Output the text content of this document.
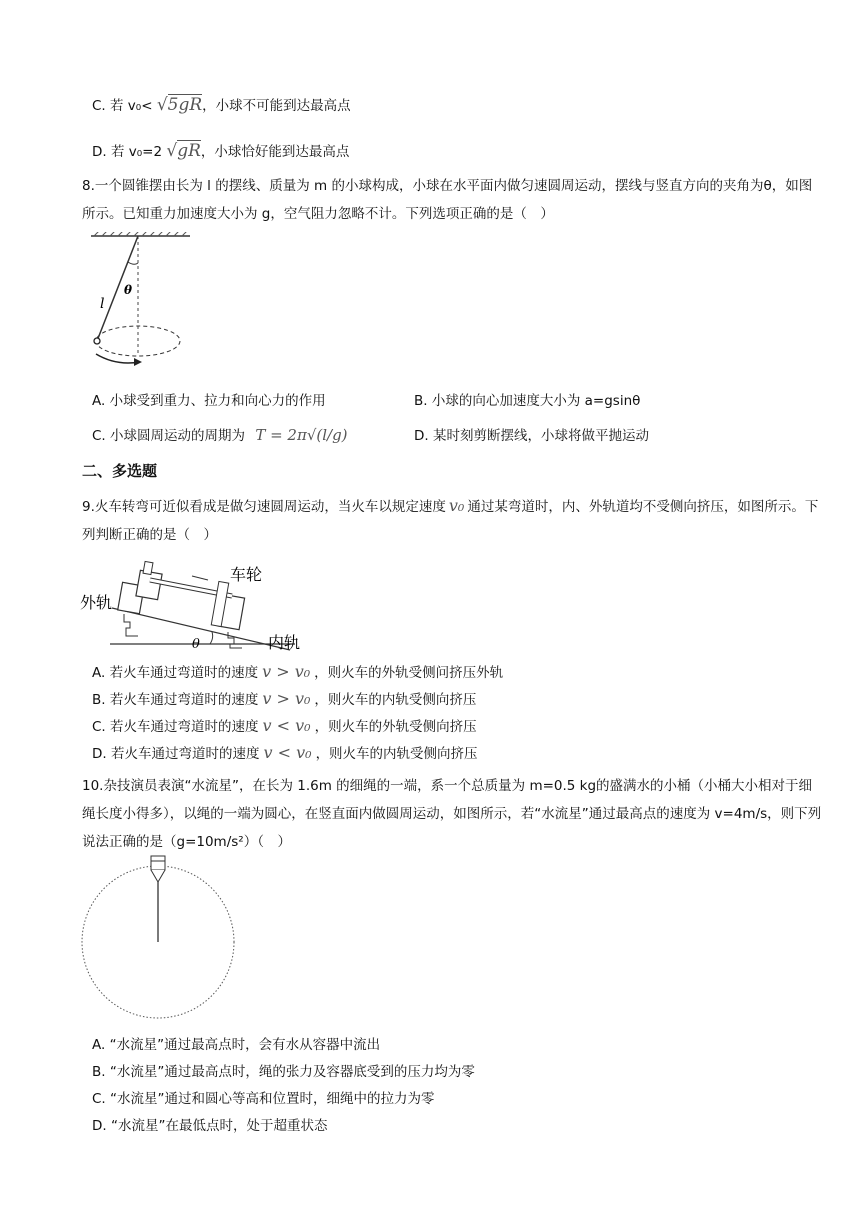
C. 若 v₀< √5gR，小球不可能到达最高点
D. 若 v₀=2 √gR，小球恰好能到达最高点
8.一个圆锥摆由长为 l 的摆线、质量为 m 的小球构成，小球在水平面内做匀速圆周运动，摆线与竖直方向的夹角为θ，如图所示。已知重力加速度大小为 g，空气阻力忽略不计。下列选项正确的是（　）
l
θ
A. 小球受到重力、拉力和向心力的作用	B. 小球的向心加速度大小为 a=gsinθ
C. 小球圆周运动的周期为 T = 2π√(l/g)	D. 某时刻剪断摆线，小球将做平抛运动
二、多选题
9.火车转弯可近似看成是做匀速圆周运动，当火车以规定速度 v₀ 通过某弯道时，内、外轨道均不受侧向挤压，如图所示。下列判断正确的是（　）
外轨
车轮
内轨
θ
A. 若火车通过弯道时的速度 v > v₀ ，则火车的外轨受侧问挤压外轨
B. 若火车通过弯道时的速度 v > v₀ ，则火车的内轨受侧向挤压
C. 若火车通过弯道时的速度 v < v₀ ，则火车的外轨受侧向挤压
D. 若火车通过弯道时的速度 v < v₀ ，则火车的内轨受侧向挤压
10.杂技演员表演“水流星”，在长为 1.6m 的细绳的一端，系一个总质量为 m=0.5 kg的盛满水的小桶（小桶大小相对于细绳长度小得多），以绳的一端为圆心，在竖直面内做圆周运动，如图所示，若“水流星”通过最高点的速度为 v=4m/s，则下列说法正确的是（g=10m/s²）（　）
A. “水流星”通过最高点时，会有水从容器中流出
B. “水流星”通过最高点时，绳的张力及容器底受到的压力均为零
C. “水流星”通过和圆心等高和位置时，细绳中的拉力为零
D. “水流星”在最低点时，处于超重状态
